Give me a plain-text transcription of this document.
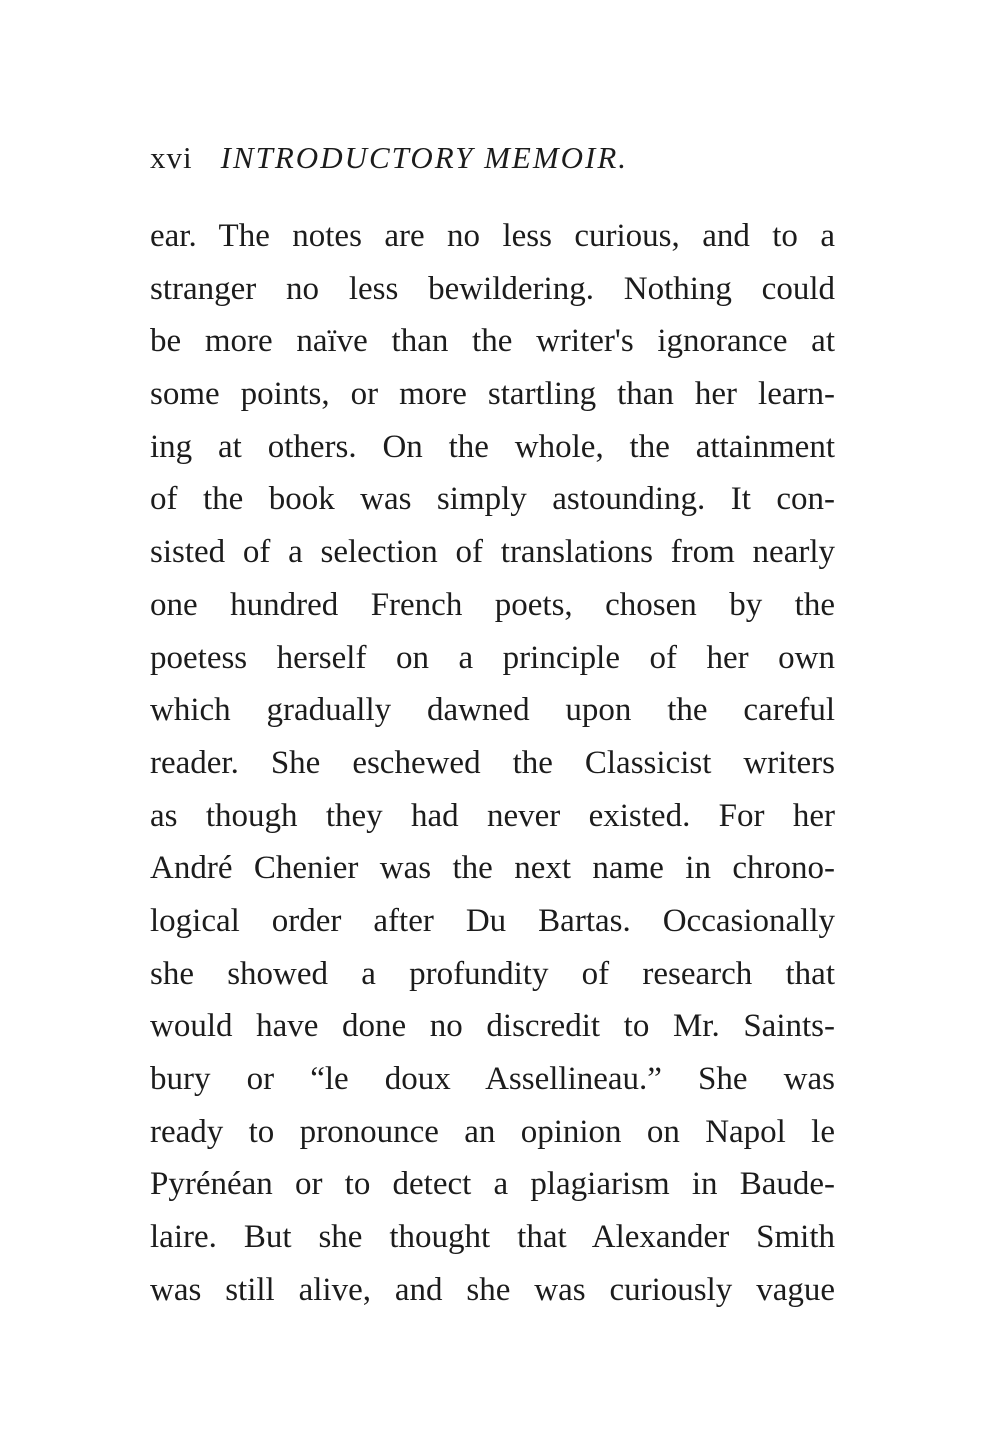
xvi INTRODUCTORY MEMOIR.
ear. The notes are no less curious, and to a
stranger no less bewildering. Nothing could
be more naïve than the writer's ignorance at
some points, or more startling than her learn-
ing at others. On the whole, the attainment
of the book was simply astounding. It con-
sisted of a selection of translations from nearly
one hundred French poets, chosen by the
poetess herself on a principle of her own
which gradually dawned upon the careful
reader. She eschewed the Classicist writers
as though they had never existed. For her
André Chenier was the next name in chrono-
logical order after Du Bartas. Occasionally
she showed a profundity of research that
would have done no discredit to Mr. Saints-
bury or “le doux Assellineau.” She was
ready to pronounce an opinion on Napol le
Pyrénéan or to detect a plagiarism in Baude-
laire. But she thought that Alexander Smith
was still alive, and she was curiously vague
